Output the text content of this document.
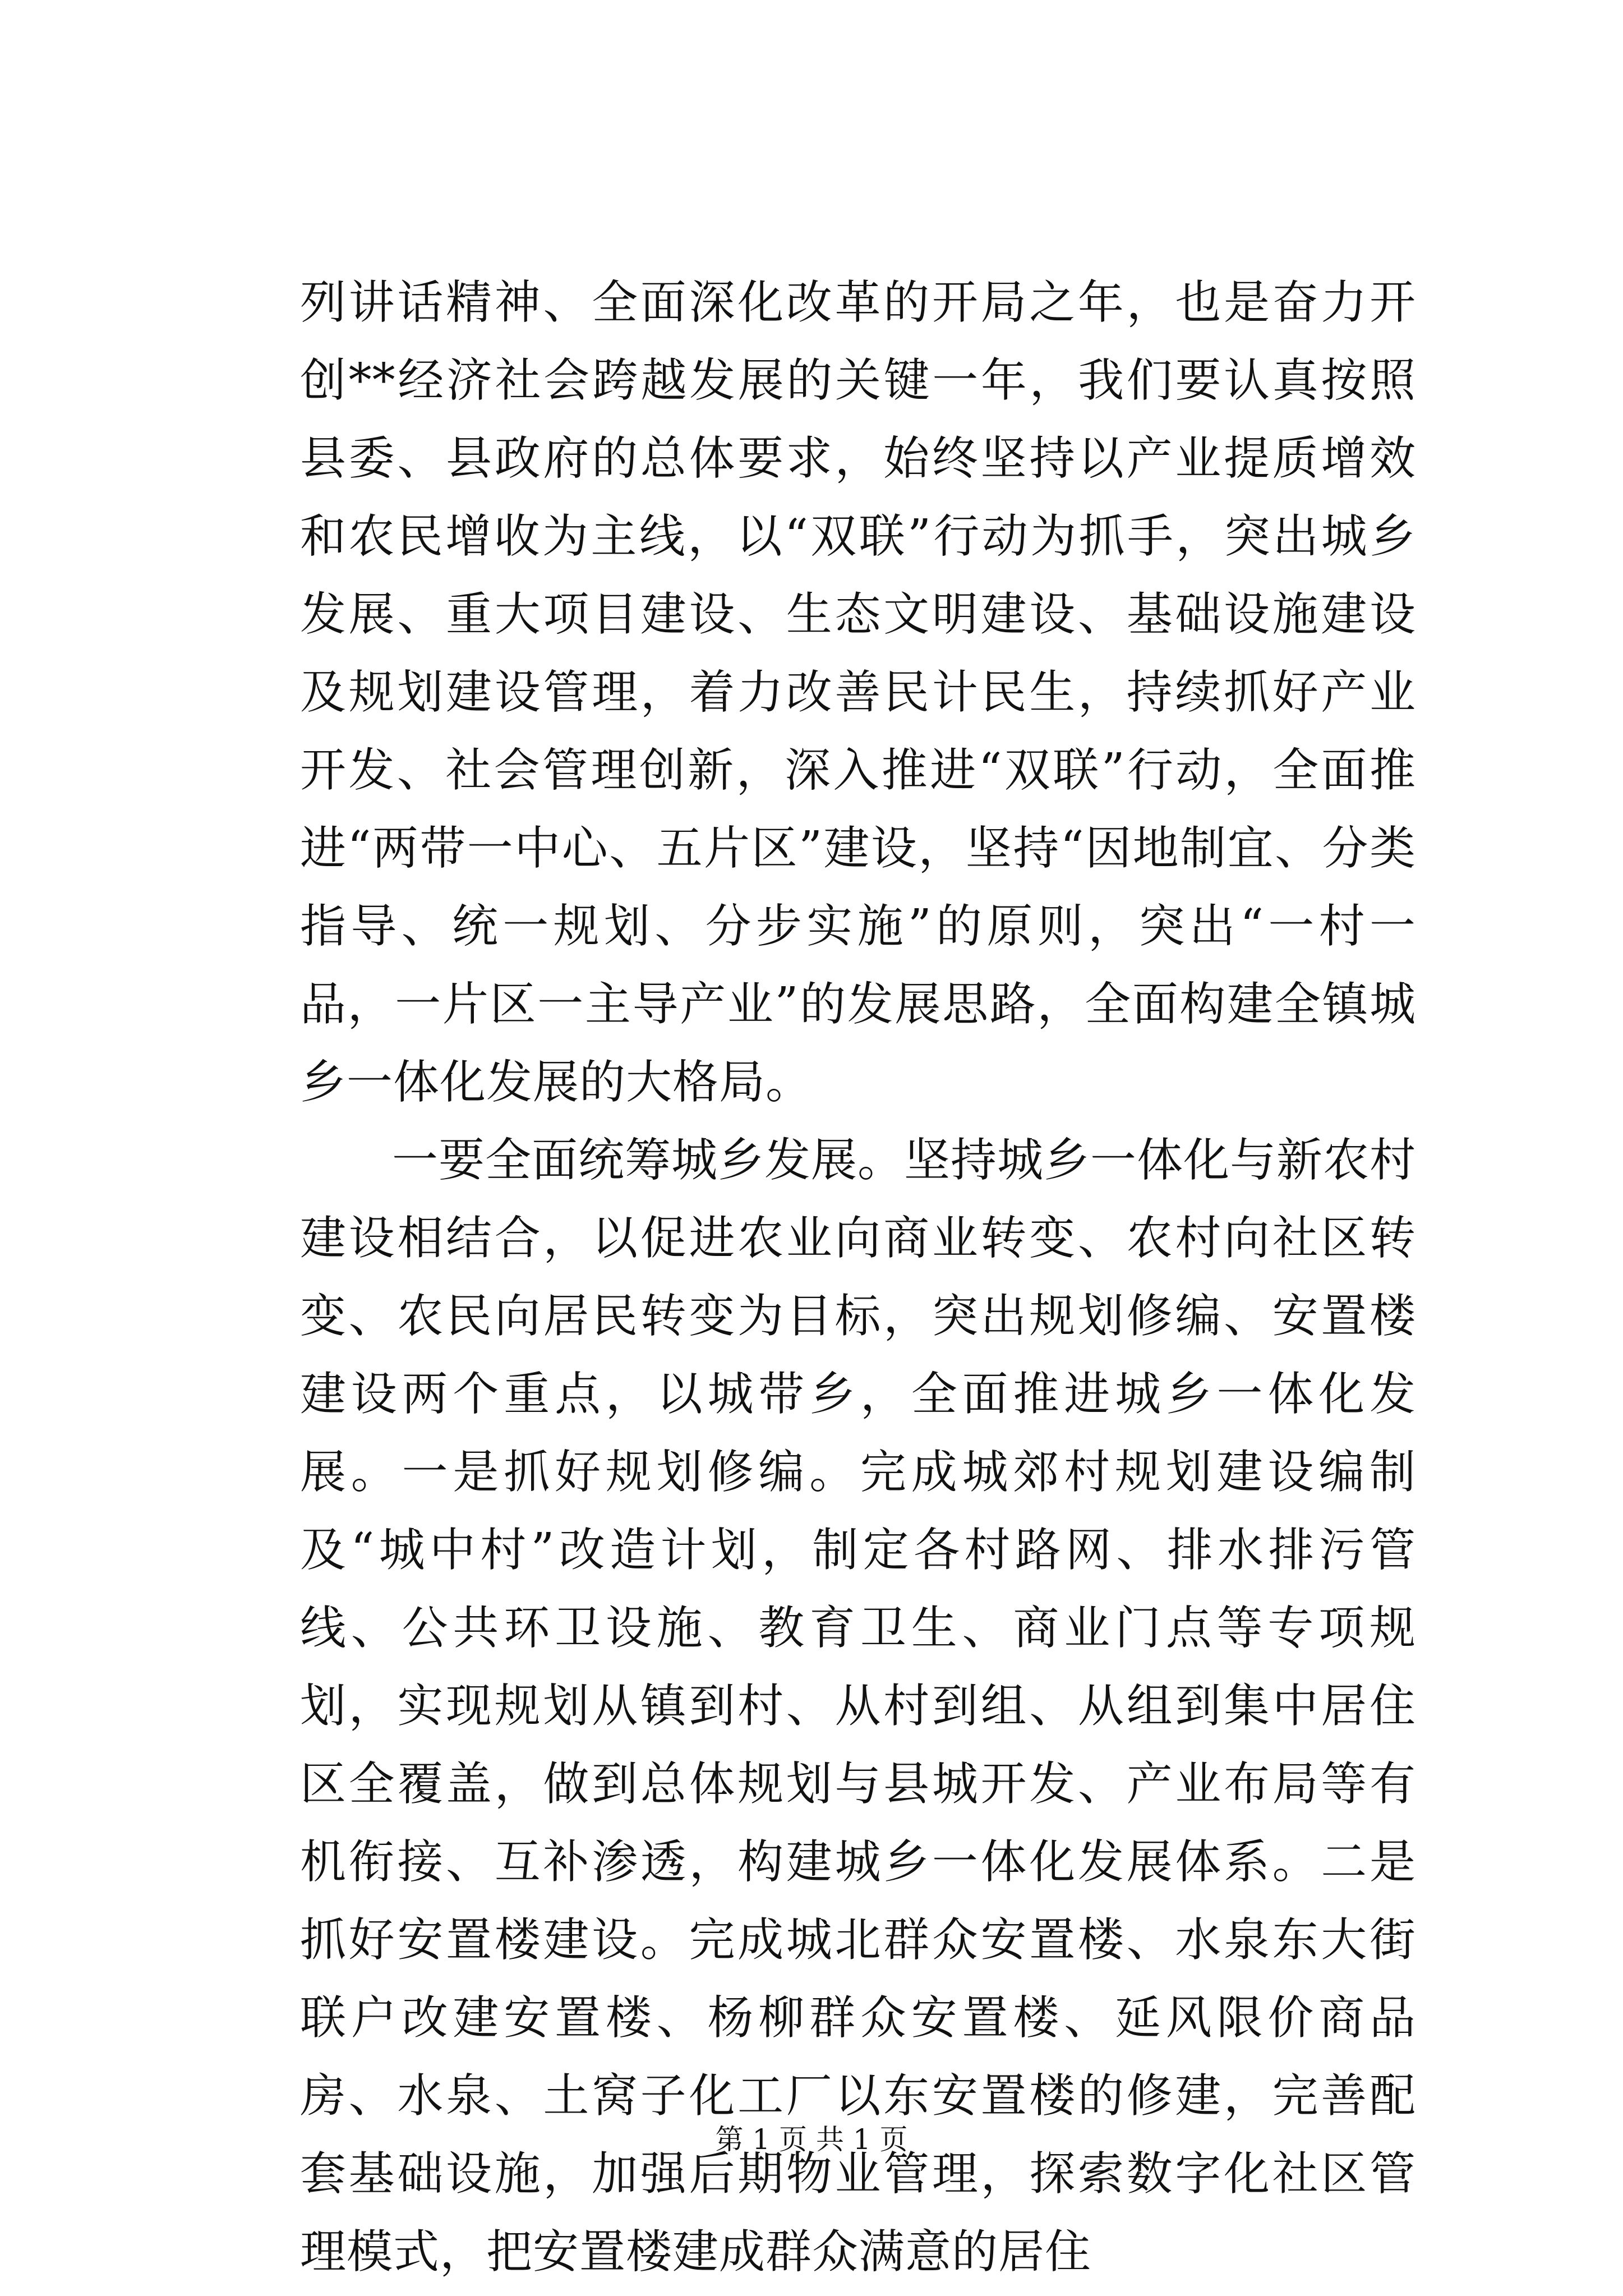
列讲话精神、全面深化改革的开局之年，也是奋力开创**经济社会跨越发展的关键一年，我们要认真按照县委、县政府的总体要求，始终坚持以产业提质增效和农民增收为主线，以“双联”行动为抓手，突出城乡发展、重大项目建设、生态文明建设、基础设施建设及规划建设管理，着力改善民计民生，持续抓好产业开发、社会管理创新，深入推进“双联”行动，全面推进“两带一中心、五片区”建设，坚持“因地制宜、分类指导、统一规划、分步实施”的原则，突出“一村一品，一片区一主导产业”的发展思路，全面构建全镇城乡一体化发展的大格局。

一要全面统筹城乡发展。坚持城乡一体化与新农村建设相结合，以促进农业向商业转变、农村向社区转变、农民向居民转变为目标，突出规划修编、安置楼建设两个重点，以城带乡，全面推进城乡一体化发展。一是抓好规划修编。完成城郊村规划建设编制及“城中村”改造计划，制定各村路网、排水排污管线、公共环卫设施、教育卫生、商业门点等专项规划，实现规划从镇到村、从村到组、从组到集中居住区全覆盖，做到总体规划与县城开发、产业布局等有机衔接、互补渗透，构建城乡一体化发展体系。二是抓好安置楼建设。完成城北群众安置楼、水泉东大街联户改建安置楼、杨柳群众安置楼、延风限价商品房、水泉、土窝子化工厂以东安置楼的修建，完善配套基础设施，加强后期物业管理，探索数字化社区管理模式，把安置楼建成群众满意的居住

第 1 页 共 1 页
